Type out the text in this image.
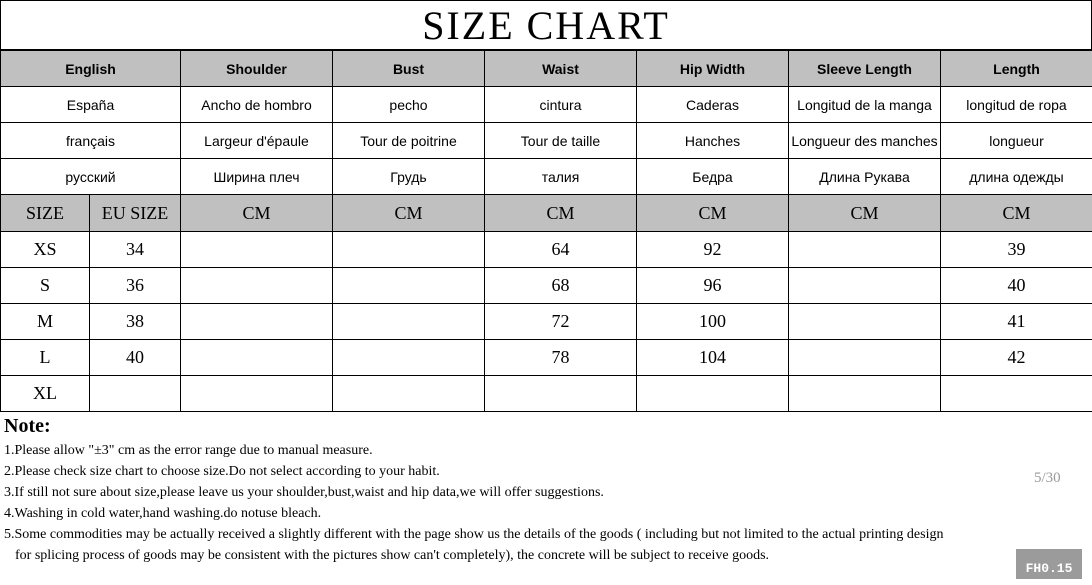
SIZE CHART
English		Shoulder	Bust	Waist	Hip Width	Sleeve Length	Length
España		Ancho de hombro	pecho	cintura	Caderas	Longitud de la manga	longitud de ropa
français		Largeur d'épaule	Tour de poitrine	Tour de taille	Hanches	Longueur des manches	longueur
русский		Ширина плеч	Грудь	талия	Бедра	Длина Рукава	длина одежды
SIZE	EU SIZE	CM	CM	CM	CM	CM	CM
XS	34			64	92		39
S	36			68	96		40
M	38			72	100		41
L	40			78	104		42
XL							
Note:
1.Please allow "±3" cm as the error range due to manual measure.
2.Please check size chart to choose size.Do not select according to your habit.
3.If still not sure about size,please leave us your shoulder,bust,waist and hip data,we will offer suggestions.
4.Washing in cold water,hand washing.do notuse bleach.
5.Some commodities may be actually received a slightly different with the page show us the details of the goods ( including but not limited to the actual printing design
for splicing process of goods may be consistent with the pictures show can't completely), the concrete will be subject to receive goods.
5/30
FH0.15
